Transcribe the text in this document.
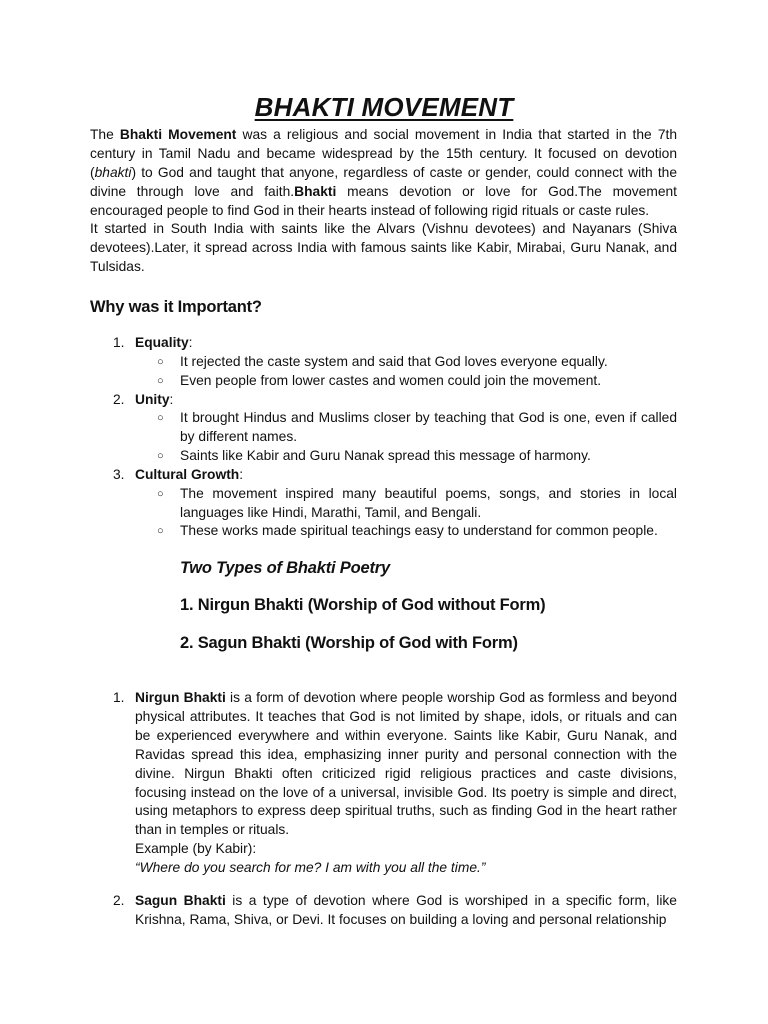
BHAKTI MOVEMENT
The Bhakti Movement was a religious and social movement in India that started in the 7th century in Tamil Nadu and became widespread by the 15th century. It focused on devotion (bhakti) to God and taught that anyone, regardless of caste or gender, could connect with the divine through love and faith.Bhakti means devotion or love for God.The movement encouraged people to find God in their hearts instead of following rigid rituals or caste rules.
It started in South India with saints like the Alvars (Vishnu devotees) and Nayanars (Shiva devotees).Later, it spread across India with famous saints like Kabir, Mirabai, Guru Nanak, and Tulsidas.
Why was it Important?
1. Equality:
○ It rejected the caste system and said that God loves everyone equally.
○ Even people from lower castes and women could join the movement.
2. Unity:
○ It brought Hindus and Muslims closer by teaching that God is one, even if called by different names.
○ Saints like Kabir and Guru Nanak spread this message of harmony.
3. Cultural Growth:
○ The movement inspired many beautiful poems, songs, and stories in local languages like Hindi, Marathi, Tamil, and Bengali.
○ These works made spiritual teachings easy to understand for common people.
Two Types of Bhakti Poetry
1. Nirgun Bhakti (Worship of God without Form)
2. Sagun Bhakti (Worship of God with Form)
1. Nirgun Bhakti is a form of devotion where people worship God as formless and beyond physical attributes. It teaches that God is not limited by shape, idols, or rituals and can be experienced everywhere and within everyone. Saints like Kabir, Guru Nanak, and Ravidas spread this idea, emphasizing inner purity and personal connection with the divine. Nirgun Bhakti often criticized rigid religious practices and caste divisions, focusing instead on the love of a universal, invisible God. Its poetry is simple and direct, using metaphors to express deep spiritual truths, such as finding God in the heart rather than in temples or rituals.
Example (by Kabir):
“Where do you search for me? I am with you all the time.”
2. Sagun Bhakti is a type of devotion where God is worshiped in a specific form, like Krishna, Rama, Shiva, or Devi. It focuses on building a loving and personal relationship
